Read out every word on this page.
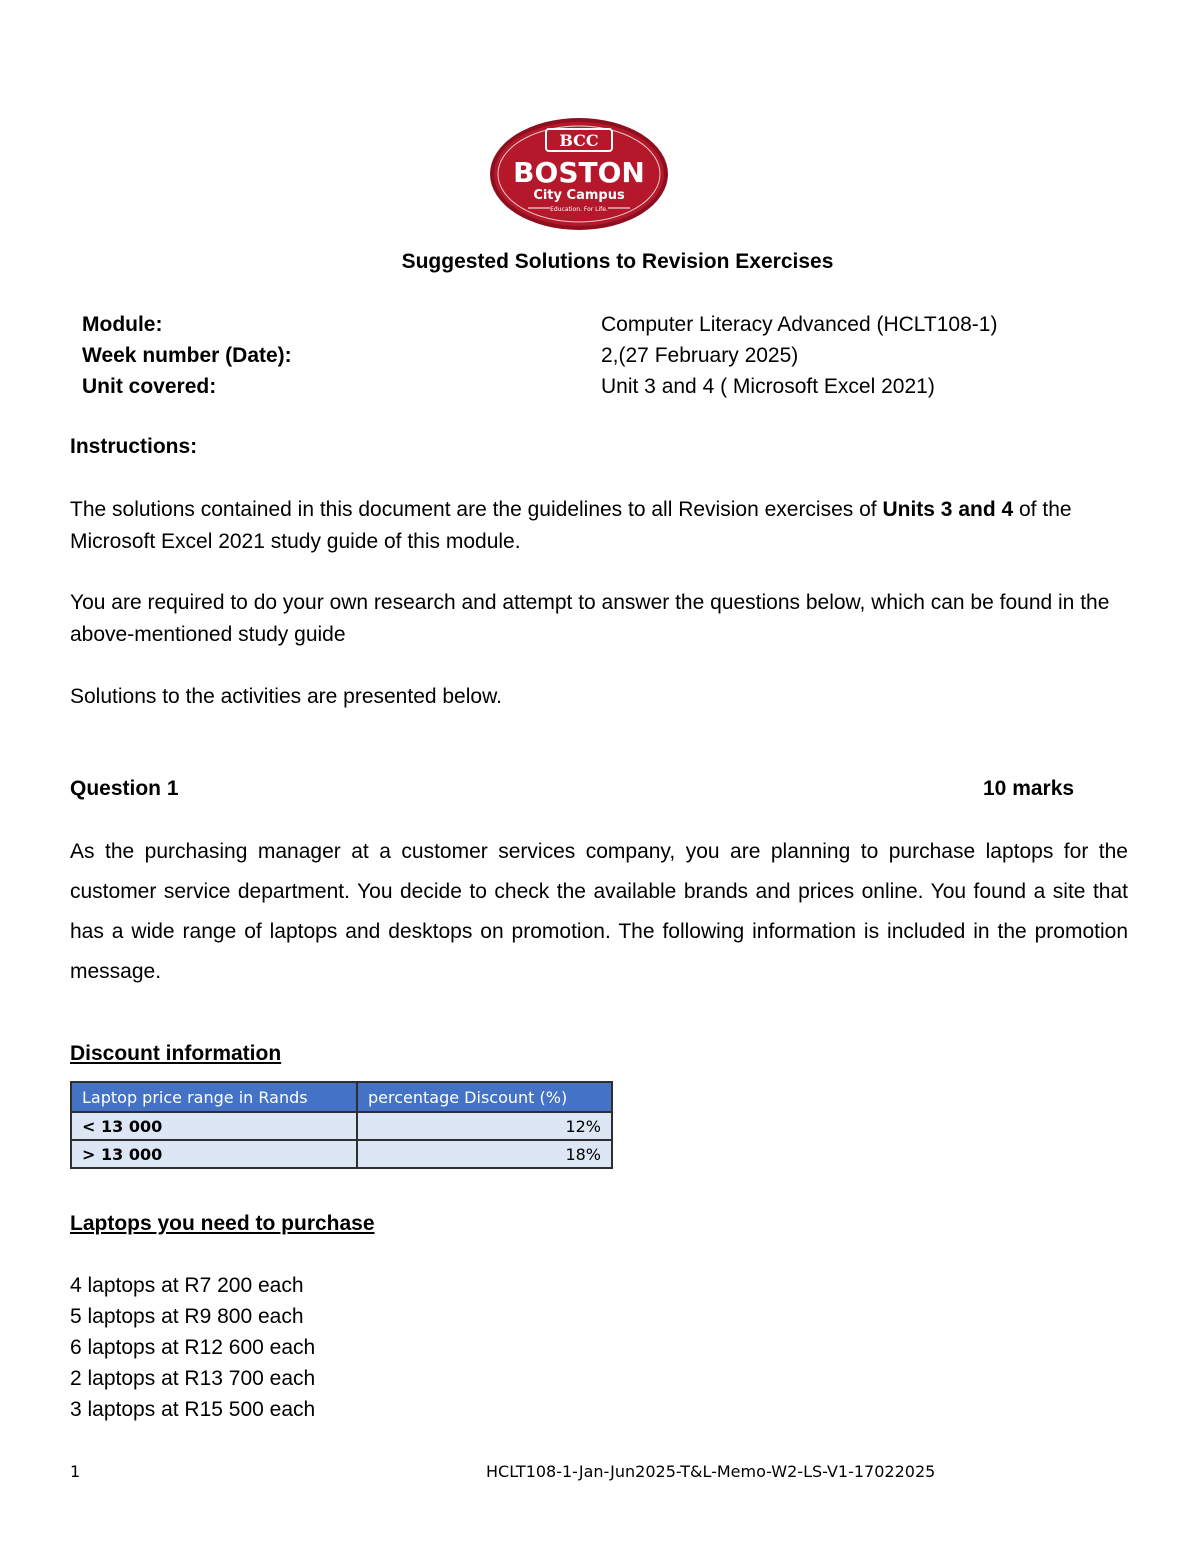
BCC
BOSTON
City Campus
Education. For Life.
Suggested Solutions to Revision Exercises
Module:	Computer Literacy Advanced (HCLT108-1)
Week number (Date):	2,(27 February 2025)
Unit covered:	Unit 3 and 4 ( Microsoft Excel 2021)
Instructions:
The solutions contained in this document are the guidelines to all Revision exercises of Units 3 and 4 of the Microsoft Excel 2021 study guide of this module.
You are required to do your own research and attempt to answer the questions below, which can be found in the above-mentioned study guide
Solutions to the activities are presented below.
Question 1	10 marks
As the purchasing manager at a customer services company, you are planning to purchase laptops for the customer service department. You decide to check the available brands and prices online. You found a site that has a wide range of laptops and desktops on promotion. The following information is included in the promotion message.
Discount information
Laptop price range in Rands	percentage Discount (%)
< 13 000	12%
> 13 000	18%
Laptops you need to purchase
4 laptops at R7 200 each
5 laptops at R9 800 each
6 laptops at R12 600 each
2 laptops at R13 700 each
3 laptops at R15 500 each
1	HCLT108-1-Jan-Jun2025-T&L-Memo-W2-LS-V1-17022025
